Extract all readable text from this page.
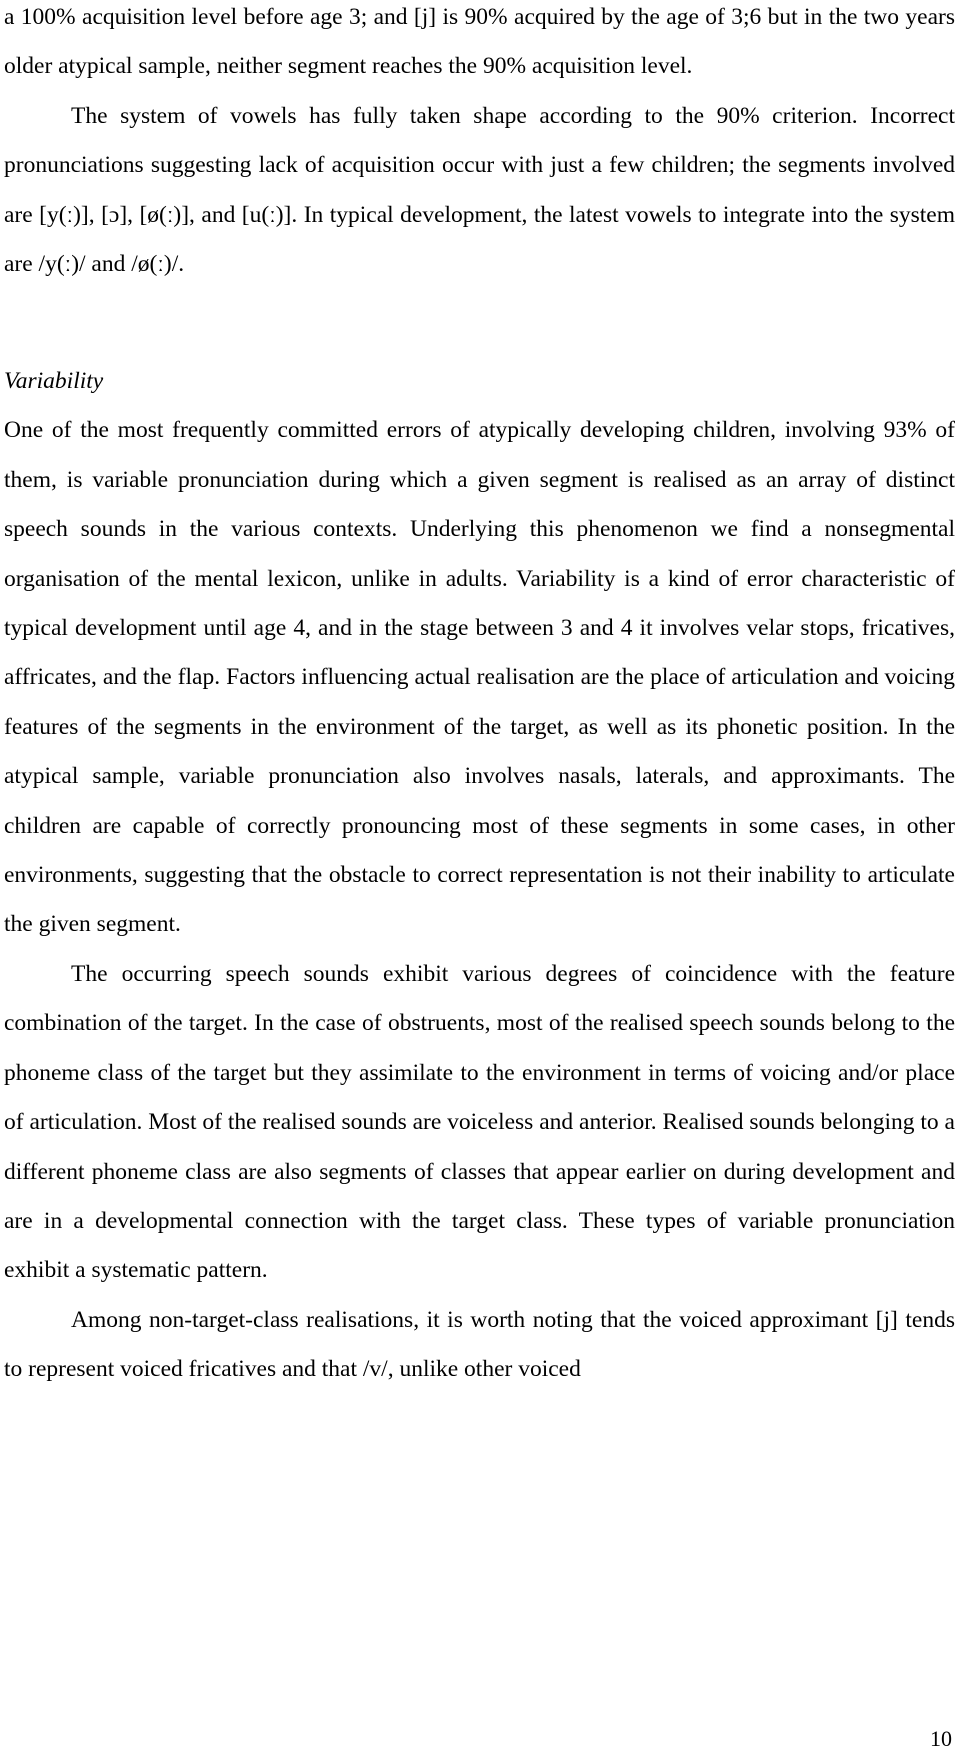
a 100% acquisition level before age 3; and [j] is 90% acquired by the age of 3;6 but in the two years older atypical sample, neither segment reaches the 90% acquisition level.

The system of vowels has fully taken shape according to the 90% criterion. Incorrect pronunciations suggesting lack of acquisition occur with just a few children; the segments involved are [y(ː)], [ɔ], [ø(ː)], and [u(ː)]. In typical development, the latest vowels to integrate into the system are /y(ː)/ and /ø(ː)/.

Variability

One of the most frequently committed errors of atypically developing children, involving 93% of them, is variable pronunciation during which a given segment is realised as an array of distinct speech sounds in the various contexts. Underlying this phenomenon we find a nonsegmental organisation of the mental lexicon, unlike in adults. Variability is a kind of error characteristic of typical development until age 4, and in the stage between 3 and 4 it involves velar stops, fricatives, affricates, and the flap. Factors influencing actual realisation are the place of articulation and voicing features of the segments in the environment of the target, as well as its phonetic position. In the atypical sample, variable pronunciation also involves nasals, laterals, and approximants. The children are capable of correctly pronouncing most of these segments in some cases, in other environments, suggesting that the obstacle to correct representation is not their inability to articulate the given segment.

The occurring speech sounds exhibit various degrees of coincidence with the feature combination of the target. In the case of obstruents, most of the realised speech sounds belong to the phoneme class of the target but they assimilate to the environment in terms of voicing and/or place of articulation. Most of the realised sounds are voiceless and anterior. Realised sounds belonging to a different phoneme class are also segments of classes that appear earlier on during development and are in a developmental connection with the target class. These types of variable pronunciation exhibit a systematic pattern.

Among non-target-class realisations, it is worth noting that the voiced approximant [j] tends to represent voiced fricatives and that /v/, unlike other voiced

10
